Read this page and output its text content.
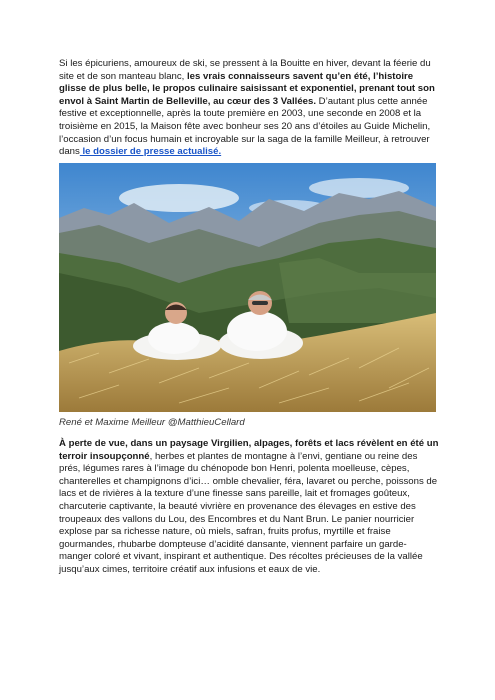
Si les épicuriens, amoureux de ski, se pressent à la Bouitte en hiver, devant la féerie du site et de son manteau blanc, les vrais connaisseurs savent qu’en été, l’histoire glisse de plus belle, le propos culinaire saisissant et exponentiel, prenant tout son envol à Saint Martin de Belleville, au cœur des 3 Vallées. D’autant plus cette année festive et exceptionnelle, après la toute première en 2003, une seconde en 2008 et la troisième en 2015, la Maison fête avec bonheur ses 20 ans d’étoiles au Guide Michelin, l’occasion d’un focus humain et incroyable sur la saga de la famille Meilleur, à retrouver dans le dossier de presse actualisé.

René et Maxime Meilleur @MatthieuCellard

À perte de vue, dans un paysage Virgilien, alpages, forêts et lacs révèlent en été un terroir insoupçonné, herbes et plantes de montagne à l’envi, gentiane ou reine des prés, légumes rares à l’image du chénopode bon Henri, polenta moelleuse, cèpes, chanterelles et champignons d’ici… omble chevalier, féra, lavaret ou perche, poissons de lacs et de rivières à la texture d’une finesse sans pareille, lait et fromages goûteux, charcuterie captivante, la beauté vivrière en provenance des élevages en estive des troupeaux des vallons du Lou, des Encombres et du Nant Brun. Le panier nourricier explose par sa richesse nature, où miels, safran, fruits profus, myrtille et fraise gourmandes, rhubarbe dompteuse d’acidité dansante, viennent parfaire un garde-manger coloré et vivant, inspirant et authentique. Des récoltes précieuses de la vallée jusqu’aux cimes, territoire créatif aux infusions et eaux de vie.
